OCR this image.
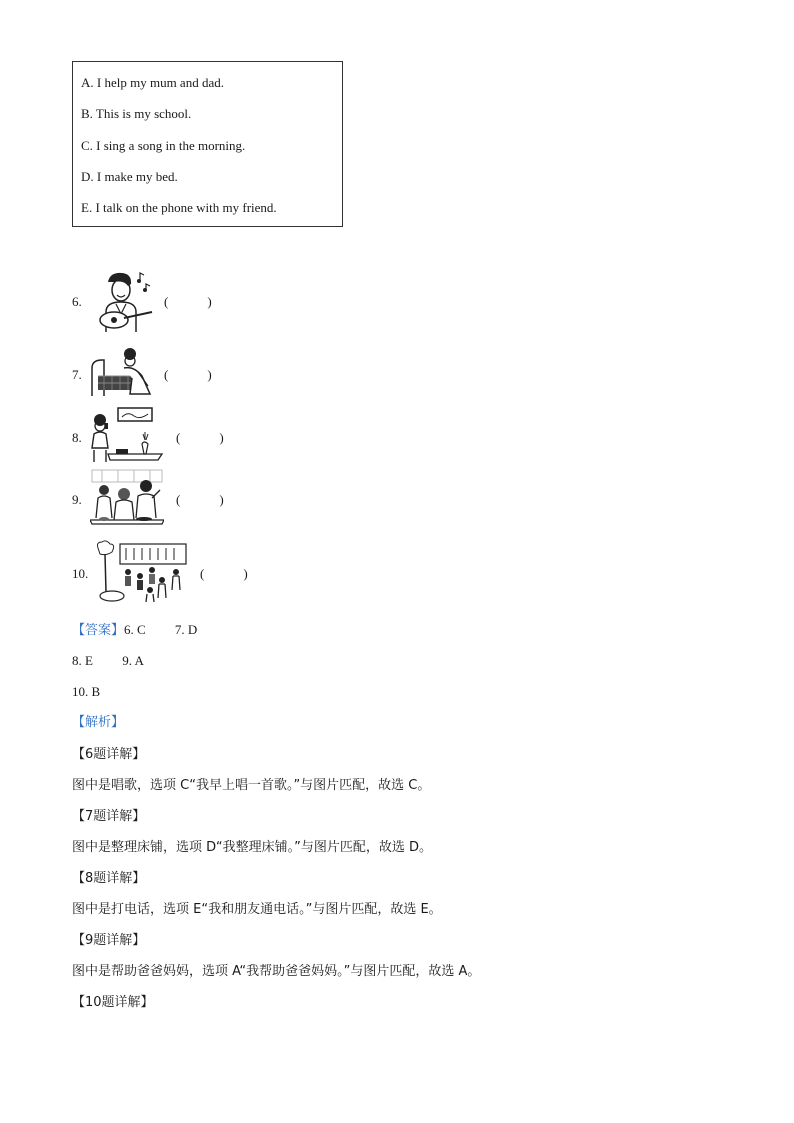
A. I help my mum and dad.
B. This is my school.
C. I sing a song in the morning.
D. I make my bed.
E. I talk on the phone with my friend.
6.	(　　　)
7.	(　　　)
8.	(　　　)
9.	(　　　)
10.	(　　　)
【答案】6. C　　 7. D
8. E　　 9. A
10. B
【解析】
【6题详解】
图中是唱歌，选项 C“我早上唱一首歌。”与图片匹配，故选 C。
【7题详解】
图中是整理床铺，选项 D“我整理床铺。”与图片匹配，故选 D。
【8题详解】
图中是打电话，选项 E“我和朋友通电话。”与图片匹配，故选 E。
【9题详解】
图中是帮助爸爸妈妈，选项 A“我帮助爸爸妈妈。”与图片匹配，故选 A。
【10题详解】
